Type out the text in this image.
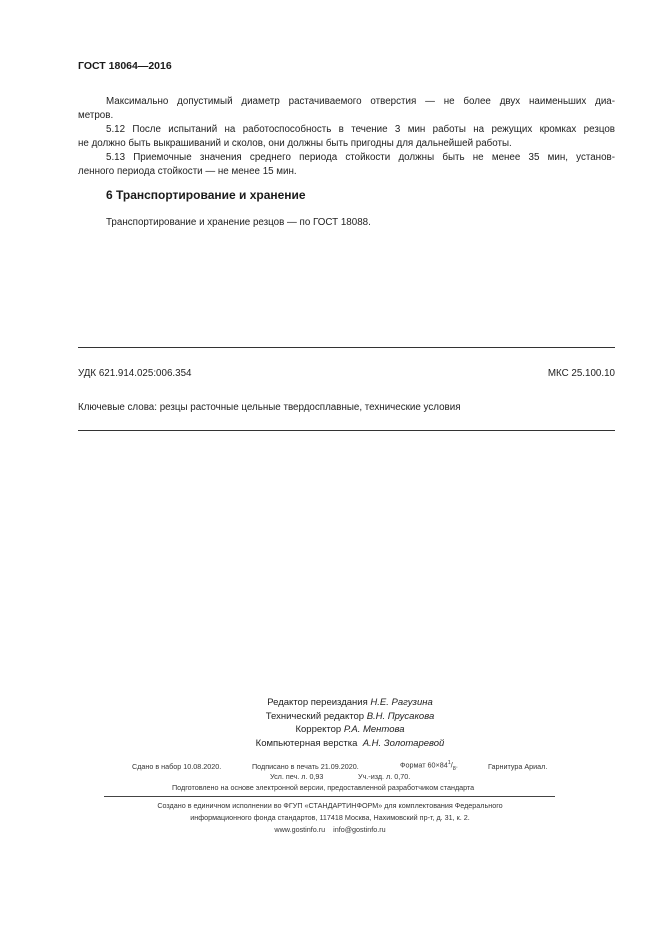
ГОСТ 18064—2016
Максимально допустимый диаметр растачиваемого отверстия — не более двух наименьших диа-
метров.
5.12 После испытаний на работоспособность в течение 3 мин работы на режущих кромках резцов
не должно быть выкрашиваний и сколов, они должны быть пригодны для дальнейшей работы.
5.13 Приемочные значения среднего периода стойкости должны быть не менее 35 мин, установ-
ленного периода стойкости — не менее 15 мин.
6 Транспортирование и хранение
Транспортирование и хранение резцов — по ГОСТ 18088.
УДК 621.914.025:006.354	МКС 25.100.10
Ключевые слова: резцы расточные цельные твердосплавные, технические условия
Редактор переиздания Н.Е. Рагузина
Технический редактор В.Н. Прусакова
Корректор Р.А. Ментова
Компьютерная верстка А.Н. Золотаревой
Сдано в набор 10.08.2020.	Подписано в печать 21.09.2020.	Формат $60\times 84^1/_8$.	Гарнитура Ариал.
Усл. печ. л. 0,93	Уч.-изд. л. 0,70.
Подготовлено на основе электронной версии, предоставленной разработчиком стандарта
Создано в единичном исполнении во ФГУП «СТАНДАРТИНФОРМ» для комплектования Федерального
информационного фонда стандартов, 117418 Москва, Нахимовский пр-т, д. 31, к. 2.
www.gostinfo.ru info@gostinfo.ru
